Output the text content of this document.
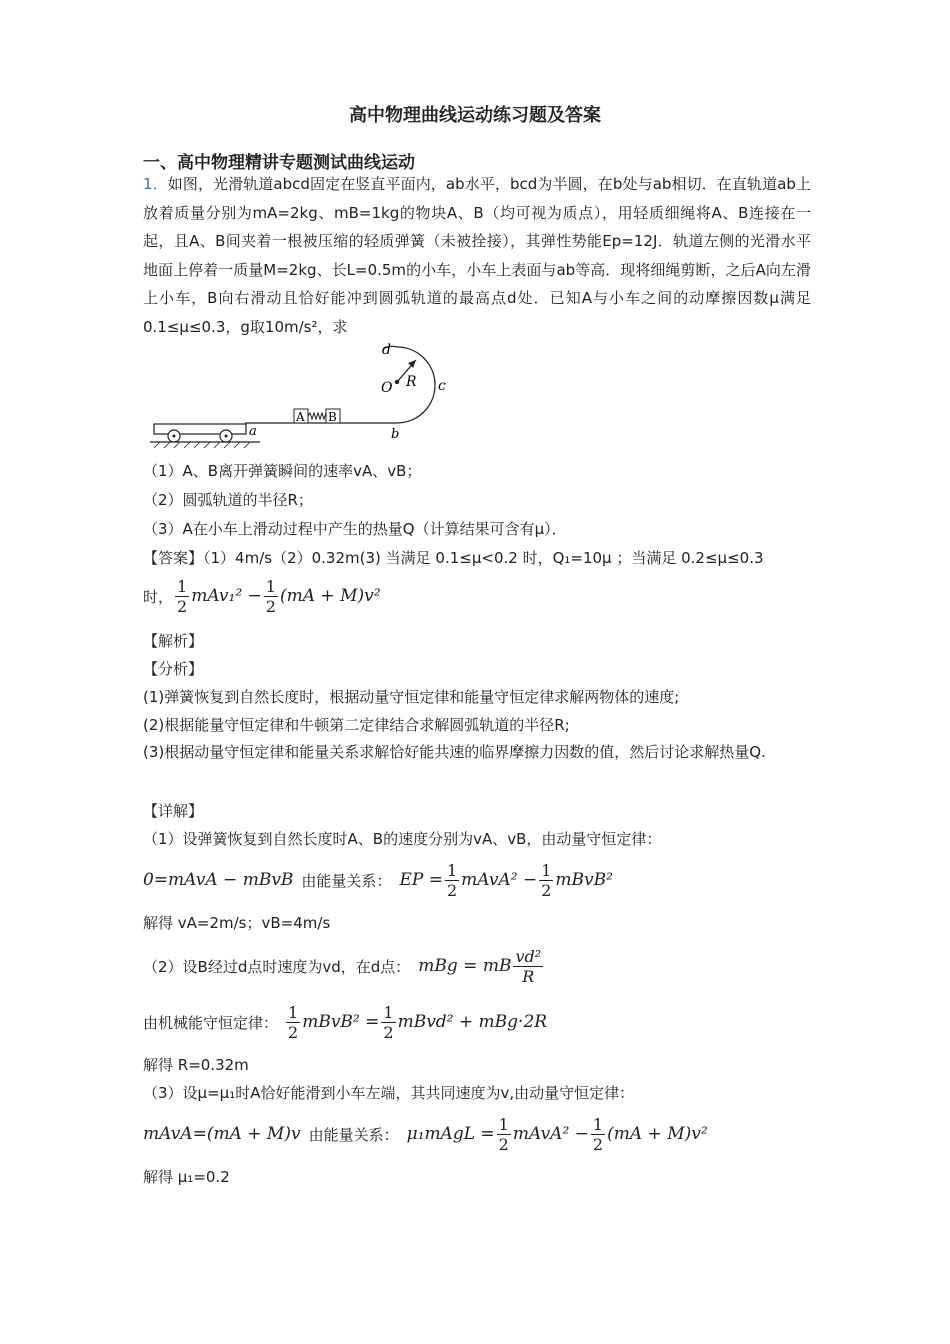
高中物理曲线运动练习题及答案
一、高中物理精讲专题测试曲线运动
1．如图，光滑轨道abcd固定在竖直平面内，ab水平，bcd为半圆，在b处与ab相切．在直轨道ab上放着质量分别为mA=2kg、mB=1kg的物块A、B（均可视为质点），用轻质细绳将A、B连接在一起，且A、B间夹着一根被压缩的轻质弹簧（未被拴接），其弹性势能Ep=12J．轨道左侧的光滑水平地面上停着一质量M=2kg、长L=0.5m的小车，小车上表面与ab等高．现将细绳剪断，之后A向左滑上小车，B向右滑动且恰好能冲到圆弧轨道的最高点d处．已知A与小车之间的动摩擦因数μ满足0.1≤μ≤0.3，g取10m/s²，求
d
O R c
A B
a	b
（1）A、B离开弹簧瞬间的速率vA、vB；
（2）圆弧轨道的半径R；
（3）A在小车上滑动过程中产生的热量Q（计算结果可含有μ）．
【答案】（1）4m/s（2）0.32m(3) 当满足 0.1≤μ<0.2 时，Q₁=10μ ；当满足 0.2≤μ≤0.3
时， $\frac{1}{2} mAv_1^2 - \frac{1}{2} (mA + M)v^2$
【解析】
【分析】
(1)弹簧恢复到自然长度时，根据动量守恒定律和能量守恒定律求解两物体的速度;
(2)根据能量守恒定律和牛顿第二定律结合求解圆弧轨道的半径R;
(3)根据动量守恒定律和能量关系求解恰好能共速的临界摩擦力因数的值，然后讨论求解热量Q.
【详解】
（1）设弹簧恢复到自然长度时A、B的速度分别为vA、vB，由动量守恒定律：
0=mAvA − mBvB 由能量关系： EP = $\frac{1}{2}$ mAvA² − $\frac{1}{2}$ mBvB²
解得 vA=2m/s；vB=4m/s
（2）设B经过d点时速度为vd，在d点： mBg = mB $\frac{\text{vd²}}{R}$
由机械能守恒定律： $\frac{1}{2}$ mBvB² = $\frac{1}{2}$ mBvd² + mBg·2R
解得 R=0.32m
（3）设μ=μ₁时A恰好能滑到小车左端，其共同速度为v,由动量守恒定律：
mAvA=(mA + M)v 由能量关系： μ₁mAgL = $\frac{1}{2}$ mAvA² − $\frac{1}{2} (mA + M)v^2$
解得 μ₁=0.2
